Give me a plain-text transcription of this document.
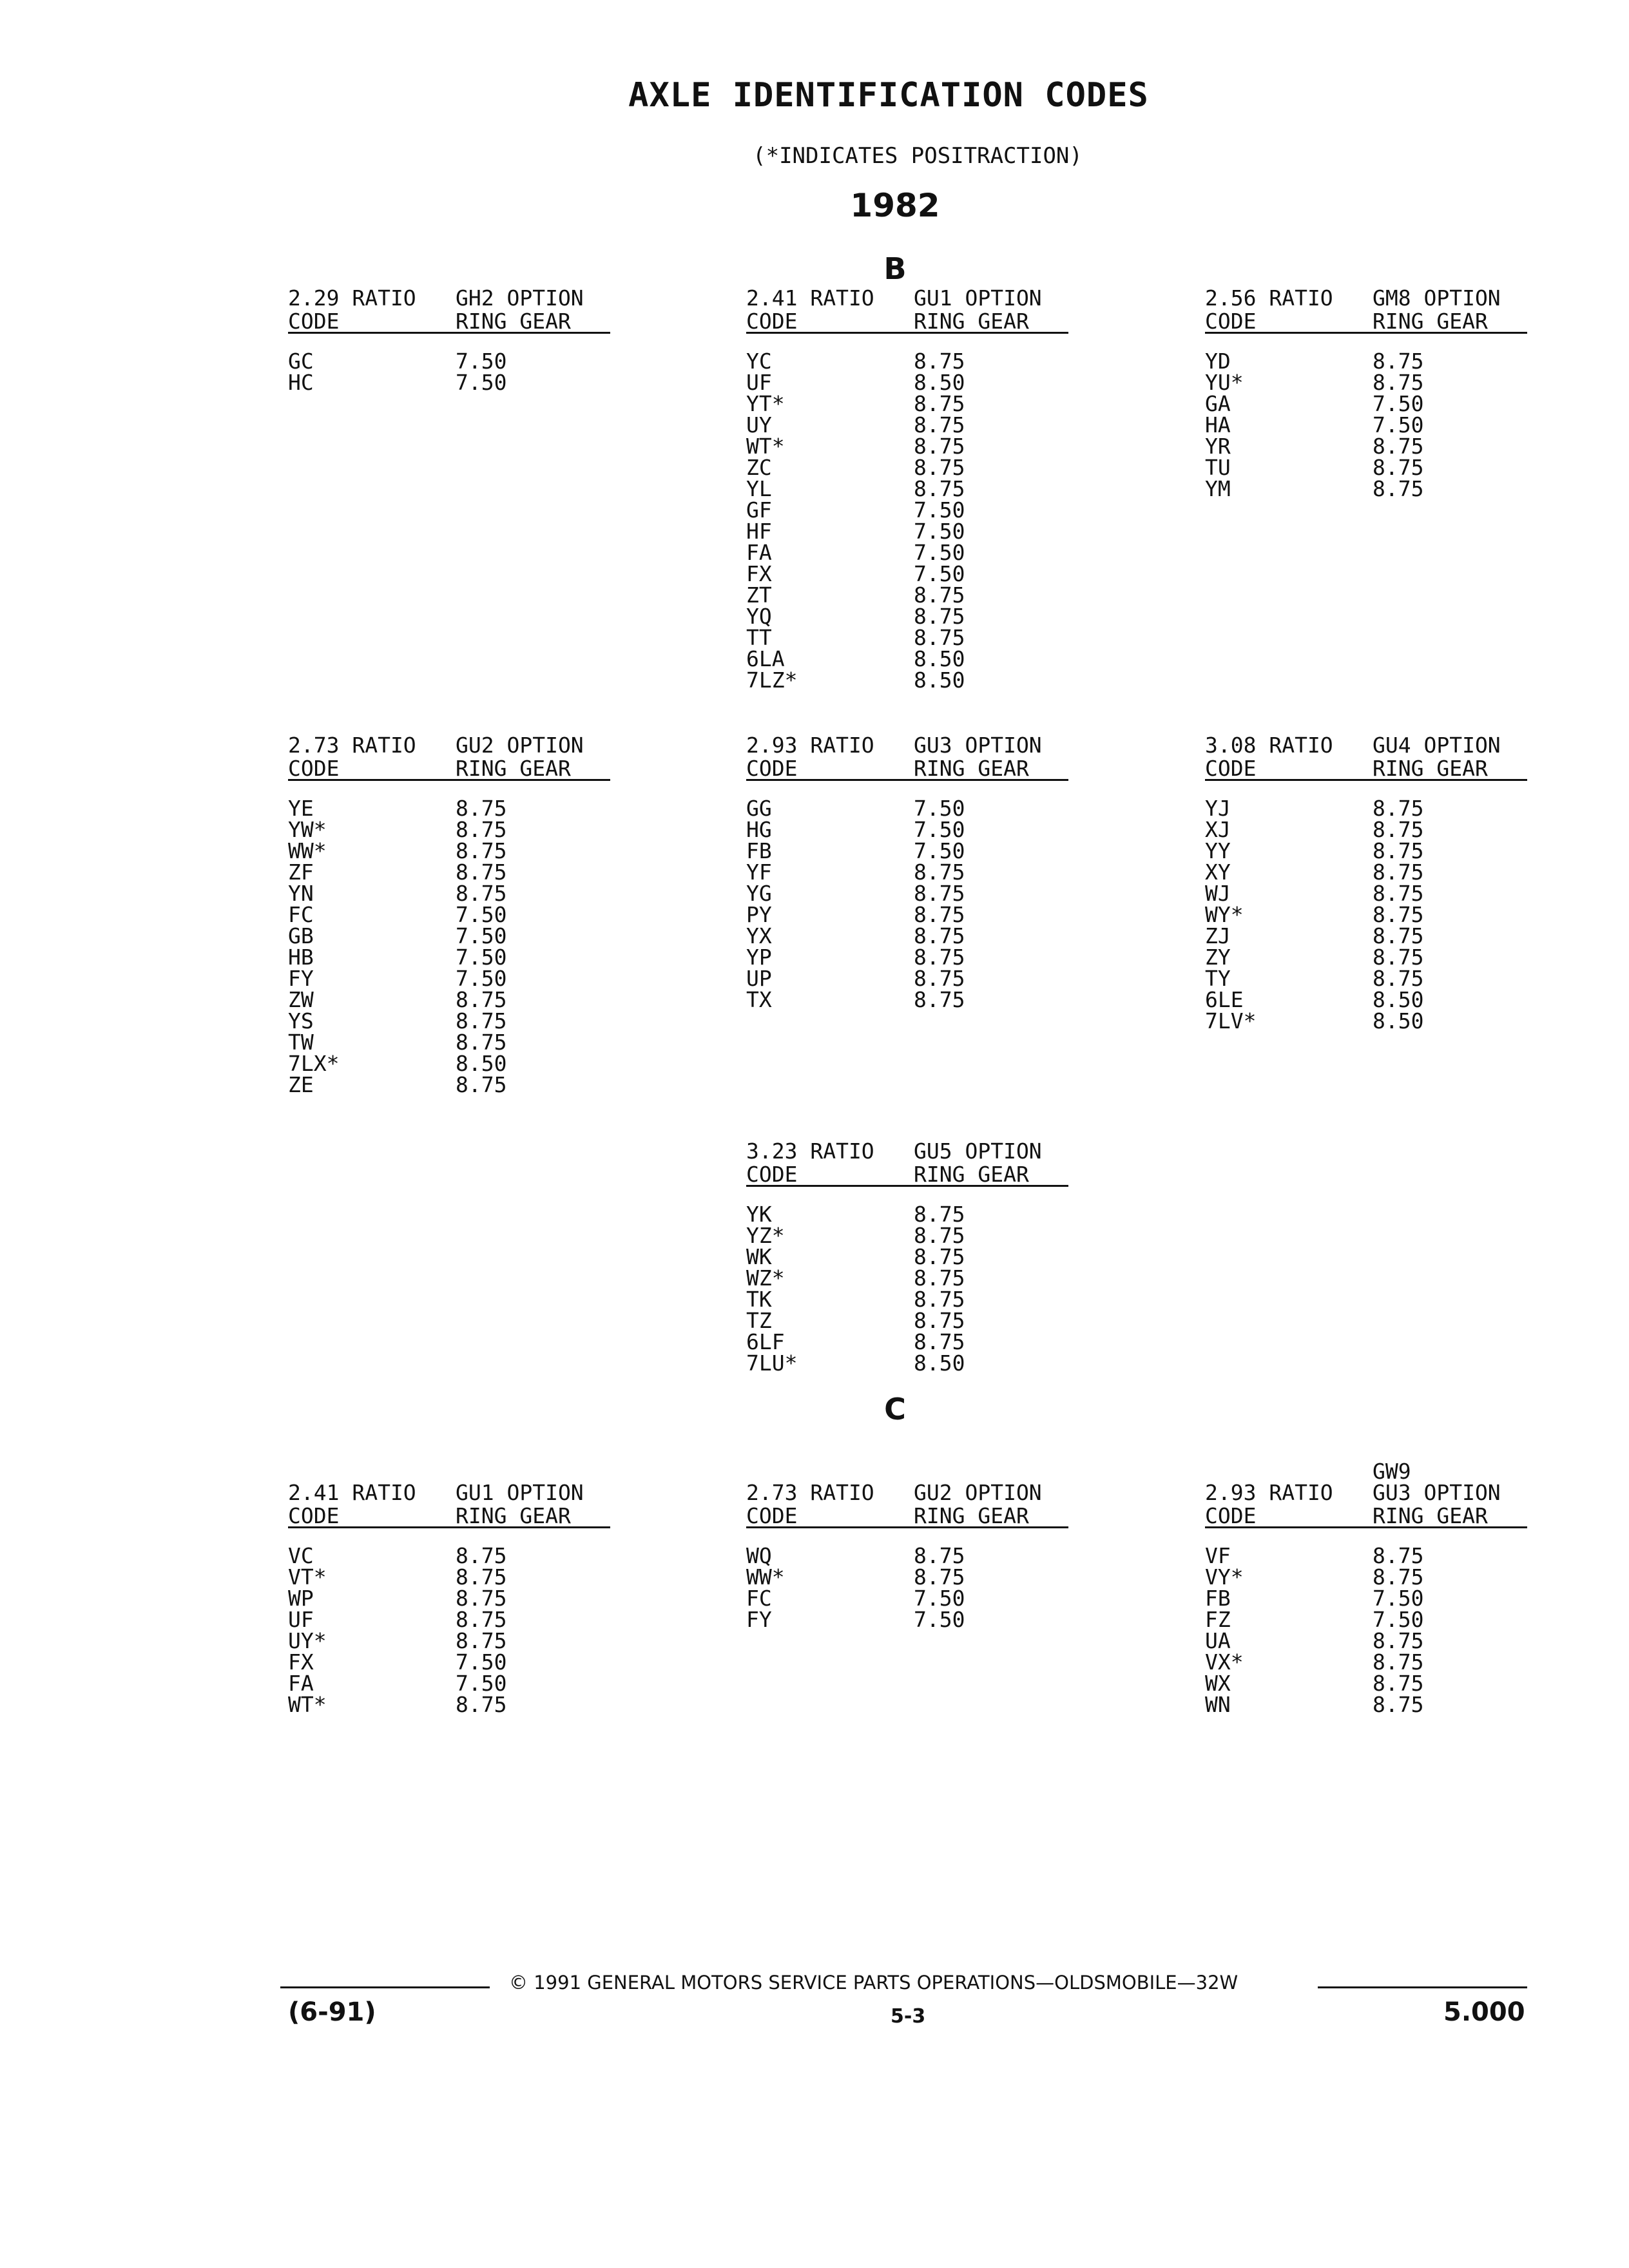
AXLE IDENTIFICATION CODES
(*INDICATES POSITRACTION)
1982
B
C
2.29 RATIO	GH2 OPTION
CODE	RING GEAR
GC	7.50
HC	7.50
2.41 RATIO	GU1 OPTION
CODE	RING GEAR
YC	8.75
UF	8.50
YT*	8.75
UY	8.75
WT*	8.75
ZC	8.75
YL	8.75
GF	7.50
HF	7.50
FA	7.50
FX	7.50
ZT	8.75
YQ	8.75
TT	8.75
6LA	8.50
7LZ*	8.50
2.56 RATIO	GM8 OPTION
CODE	RING GEAR
YD	8.75
YU*	8.75
GA	7.50
HA	7.50
YR	8.75
TU	8.75
YM	8.75
2.73 RATIO	GU2 OPTION
CODE	RING GEAR
YE	8.75
YW*	8.75
WW*	8.75
ZF	8.75
YN	8.75
FC	7.50
GB	7.50
HB	7.50
FY	7.50
ZW	8.75
YS	8.75
TW	8.75
7LX*	8.50
ZE	8.75
2.93 RATIO	GU3 OPTION
CODE	RING GEAR
GG	7.50
HG	7.50
FB	7.50
YF	8.75
YG	8.75
PY	8.75
YX	8.75
YP	8.75
UP	8.75
TX	8.75
3.08 RATIO	GU4 OPTION
CODE	RING GEAR
YJ	8.75
XJ	8.75
YY	8.75
XY	8.75
WJ	8.75
WY*	8.75
ZJ	8.75
ZY	8.75
TY	8.75
6LE	8.50
7LV*	8.50
3.23 RATIO	GU5 OPTION
CODE	RING GEAR
YK	8.75
YZ*	8.75
WK	8.75
WZ*	8.75
TK	8.75
TZ	8.75
6LF	8.75
7LU*	8.50
2.41 RATIO	GU1 OPTION
CODE	RING GEAR
VC	8.75
VT*	8.75
WP	8.75
UF	8.75
UY*	8.75
FX	7.50
FA	7.50
WT*	8.75
2.73 RATIO	GU2 OPTION
CODE	RING GEAR
WQ	8.75
WW*	8.75
FC	7.50
FY	7.50
GW9
2.93 RATIO	GU3 OPTION
CODE	RING GEAR
VF	8.75
VY*	8.75
FB	7.50
FZ	7.50
UA	8.75
VX*	8.75
WX	8.75
WN	8.75
© 1991 GENERAL MOTORS SERVICE PARTS OPERATIONS—OLDSMOBILE—32W
(6-91)	5-3	5.000
